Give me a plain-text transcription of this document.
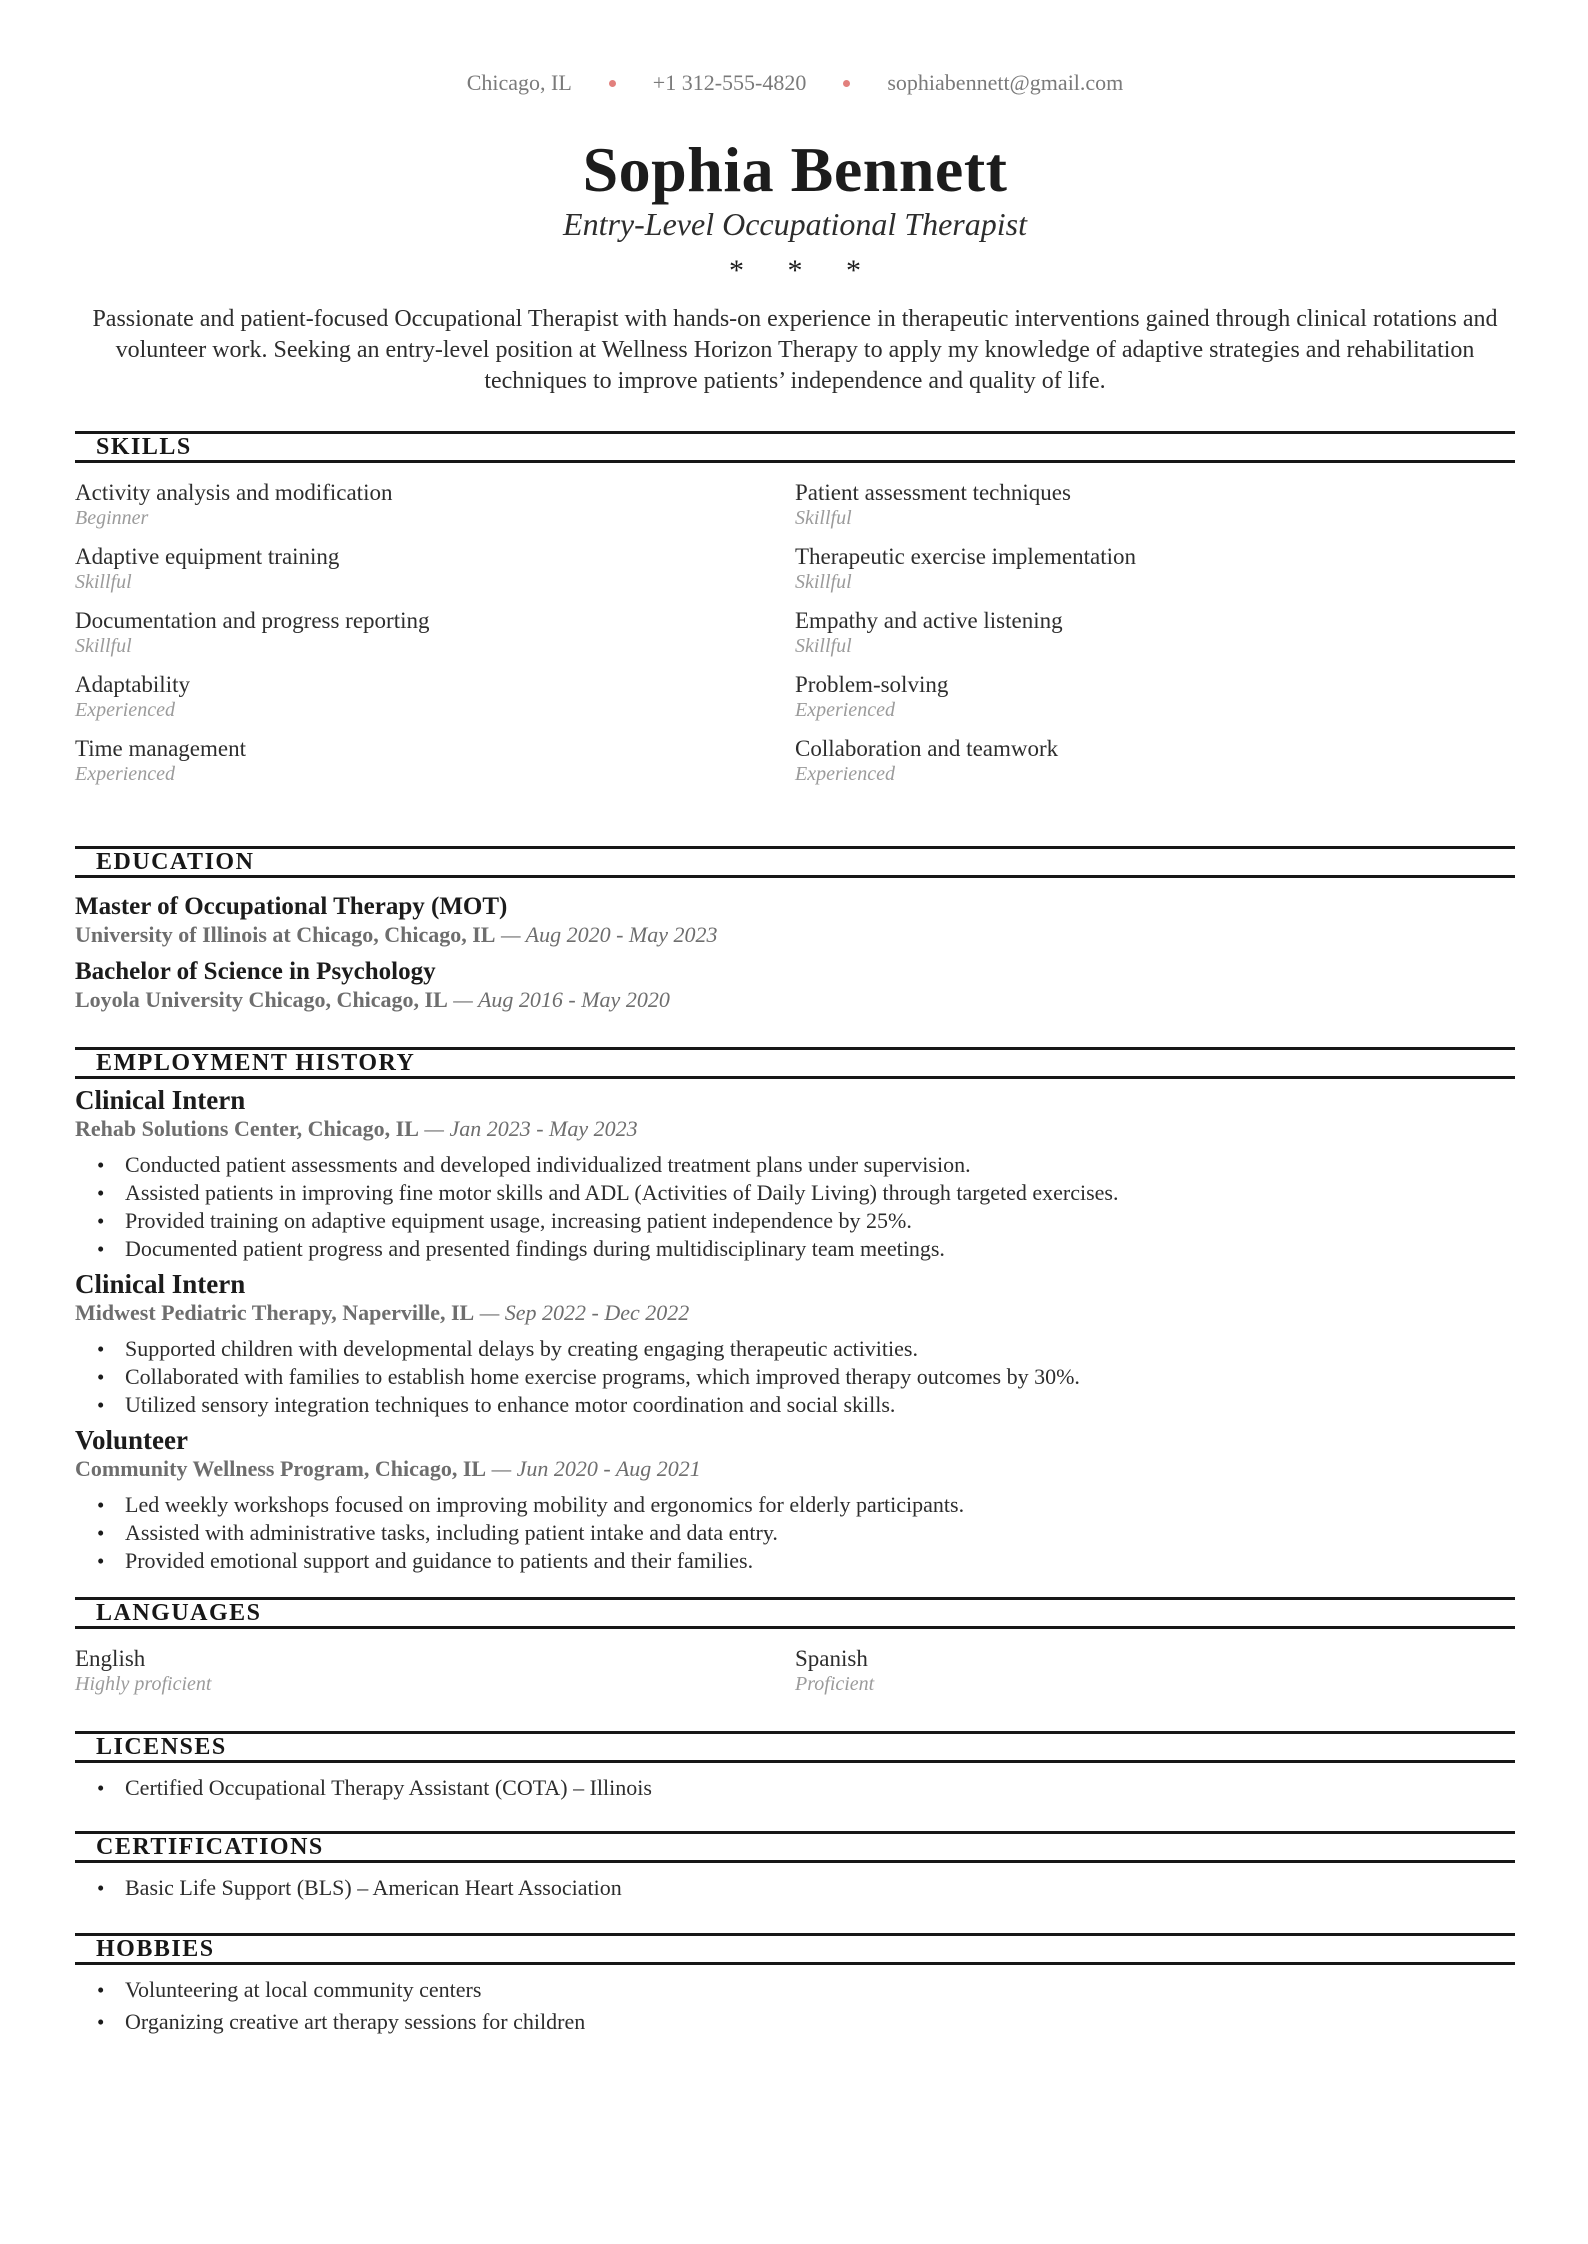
Chicago, IL	+1 312-555-4820	sophiabennett@gmail.com
Sophia Bennett
Entry-Level Occupational Therapist
* * *

Passionate and patient-focused Occupational Therapist with hands-on experience in therapeutic interventions gained through clinical rotations and volunteer work. Seeking an entry-level position at Wellness Horizon Therapy to apply my knowledge of adaptive strategies and rehabilitation techniques to improve patients’ independence and quality of life.

SKILLS
Activity analysis and modification
Beginner
Patient assessment techniques
Skillful
Adaptive equipment training
Skillful
Therapeutic exercise implementation
Skillful
Documentation and progress reporting
Skillful
Empathy and active listening
Skillful
Adaptability
Experienced
Problem-solving
Experienced
Time management
Experienced
Collaboration and teamwork
Experienced
EDUCATION
Master of Occupational Therapy (MOT)
University of Illinois at Chicago, Chicago, IL — Aug 2020 - May 2023
Bachelor of Science in Psychology
Loyola University Chicago, Chicago, IL — Aug 2016 - May 2020
EMPLOYMENT HISTORY
Clinical Intern
Rehab Solutions Center, Chicago, IL — Jan 2023 - May 2023
• Conducted patient assessments and developed individualized treatment plans under supervision.
• Assisted patients in improving fine motor skills and ADL (Activities of Daily Living) through targeted exercises.
• Provided training on adaptive equipment usage, increasing patient independence by 25%.
• Documented patient progress and presented findings during multidisciplinary team meetings.
Clinical Intern
Midwest Pediatric Therapy, Naperville, IL — Sep 2022 - Dec 2022
• Supported children with developmental delays by creating engaging therapeutic activities.
• Collaborated with families to establish home exercise programs, which improved therapy outcomes by 30%.
• Utilized sensory integration techniques to enhance motor coordination and social skills.
Volunteer
Community Wellness Program, Chicago, IL — Jun 2020 - Aug 2021
• Led weekly workshops focused on improving mobility and ergonomics for elderly participants.
• Assisted with administrative tasks, including patient intake and data entry.
• Provided emotional support and guidance to patients and their families.
LANGUAGES
English
Highly proficient
Spanish
Proficient
LICENSES
• Certified Occupational Therapy Assistant (COTA) – Illinois
CERTIFICATIONS
• Basic Life Support (BLS) – American Heart Association
HOBBIES
• Volunteering at local community centers
• Organizing creative art therapy sessions for children
